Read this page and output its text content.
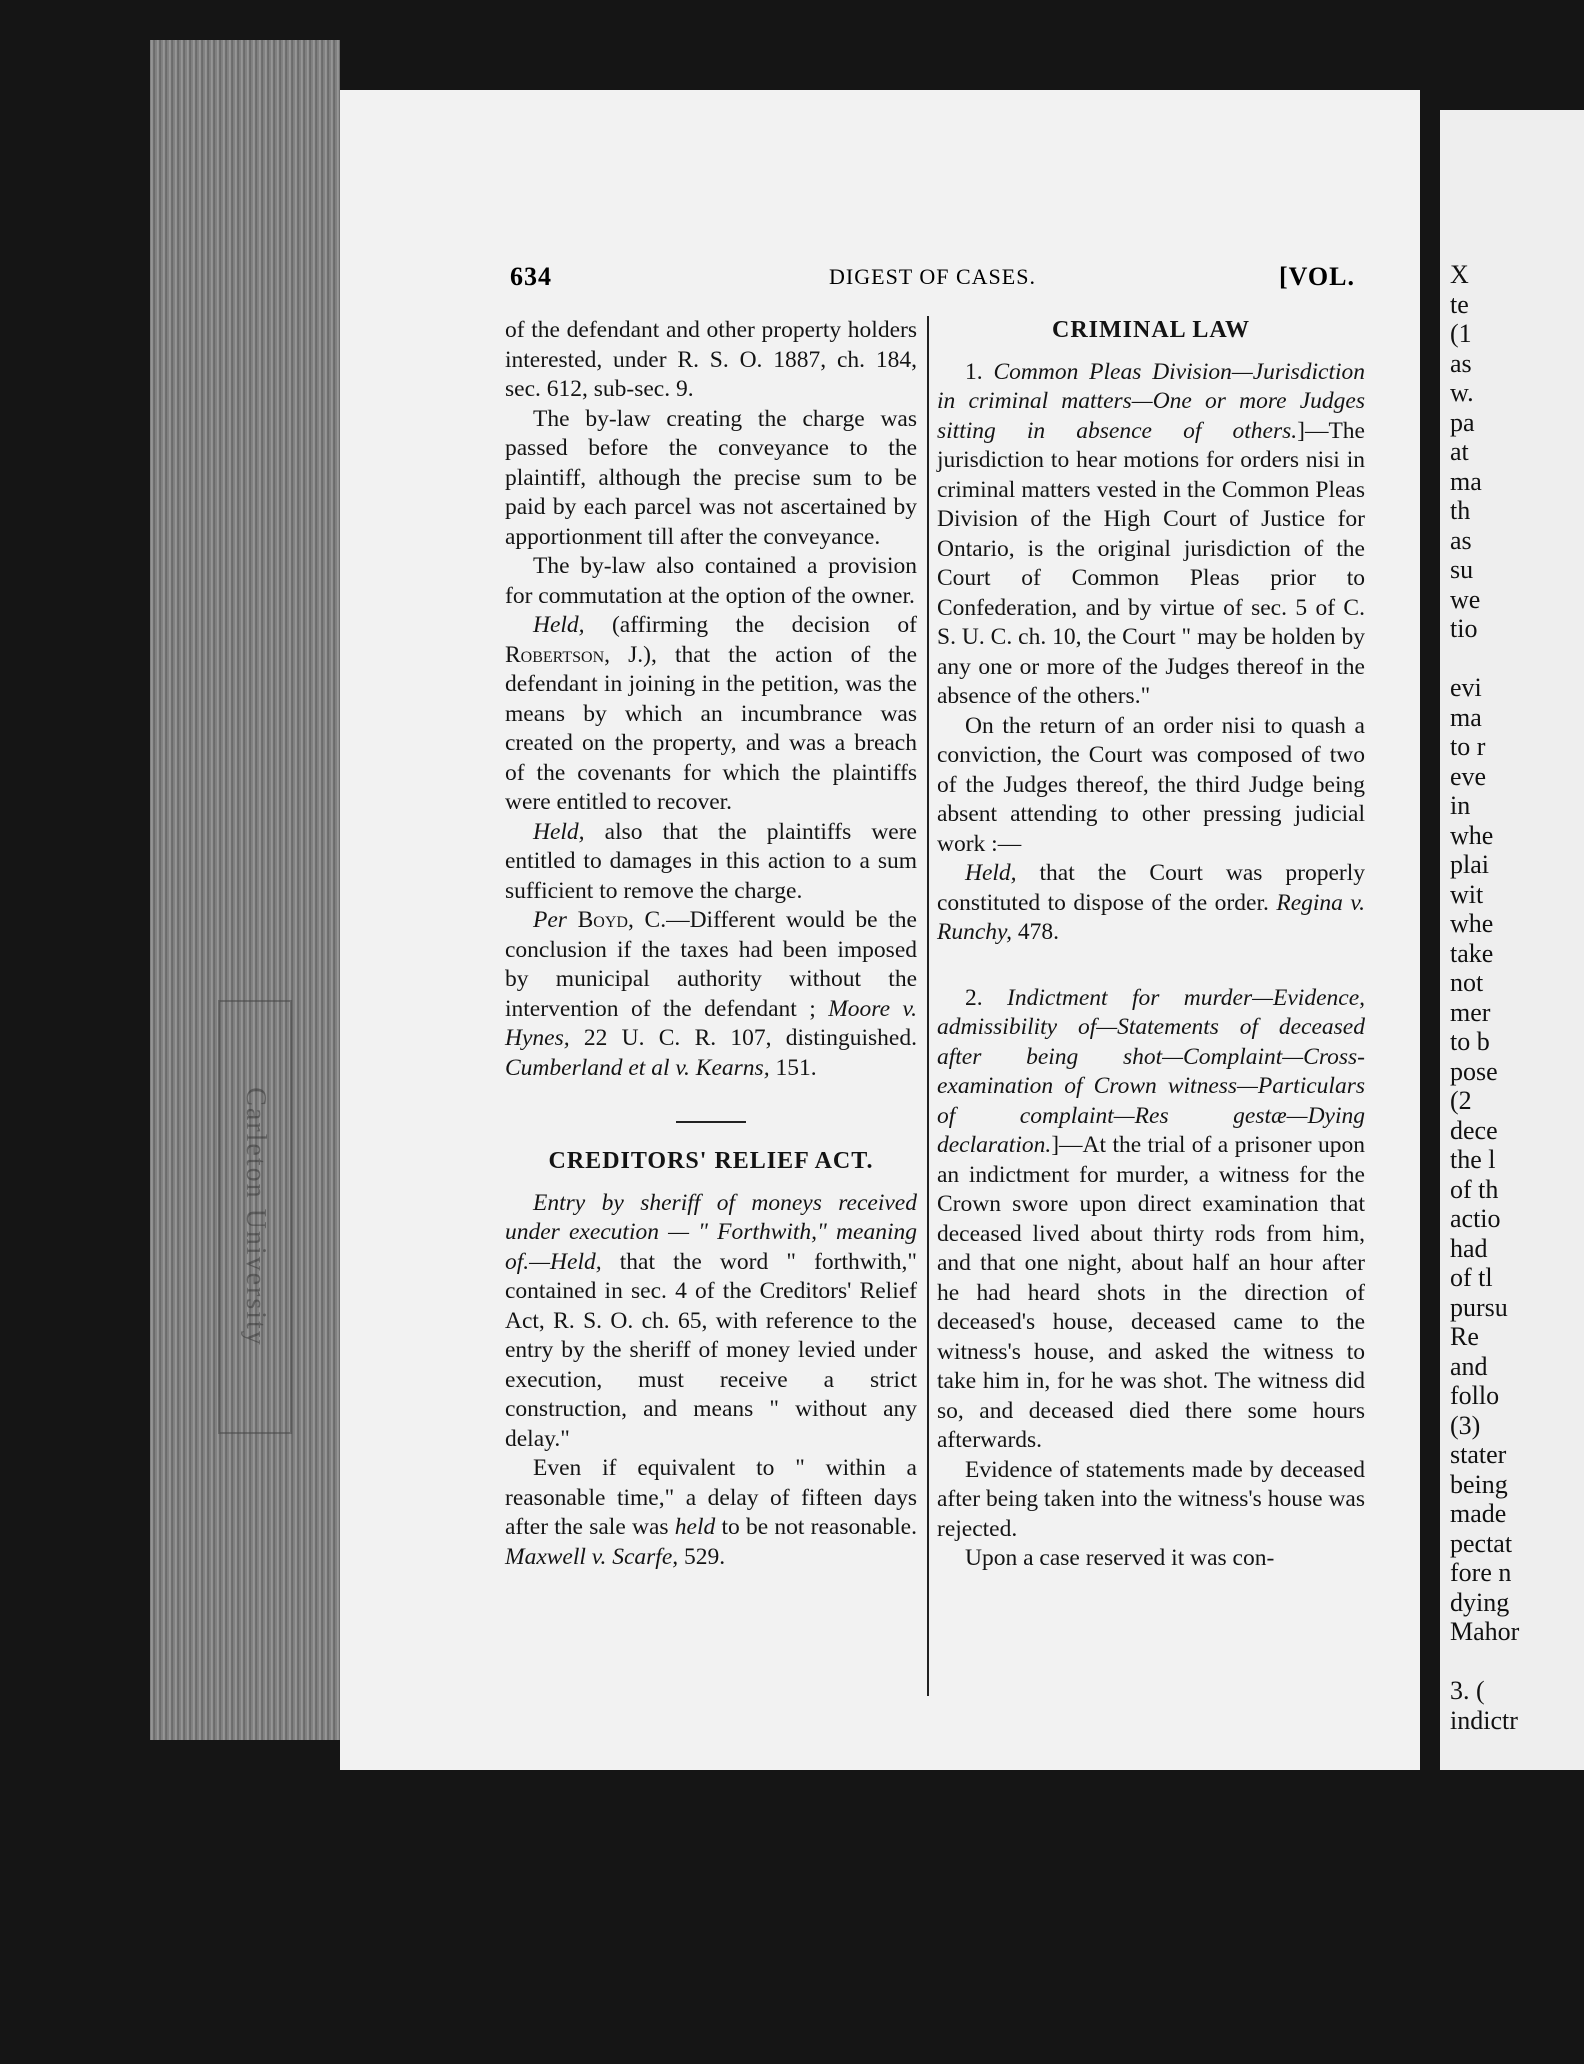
Carleton University
X
te
(1
as
w.
pa
at
ma
th
as
su
we
tio
evi
ma
to r
eve
in
whe
plai
wit
whe
take
not
mer
to b
pose
(2
dece
the l
of th
actio
had
of tl
pursu
Re
and
follo
(3)
stater
being
made
pectat
fore n
dying
Mahor
3. (
indictr
634	DIGEST OF CASES.	[VOL.

of the defendant and other property holders interested, under R. S. O. 1887, ch. 184, sec. 612, sub-sec. 9.

The by-law creating the charge was passed before the conveyance to the plaintiff, although the precise sum to be paid by each parcel was not ascertained by apportionment till after the conveyance.

The by-law also contained a provision for commutation at the option of the owner.

Held, (affirming the decision of Robertson, J.), that the action of the defendant in joining in the petition, was the means by which an incumbrance was created on the property, and was a breach of the covenants for which the plaintiffs were entitled to recover.

Held, also that the plaintiffs were entitled to damages in this action to a sum sufficient to remove the charge.

Per Boyd, C.—Different would be the conclusion if the taxes had been imposed by municipal authority without the intervention of the defendant ; Moore v. Hynes, 22 U. C. R. 107, distinguished. Cumberland et al v. Kearns, 151.

CREDITORS' RELIEF ACT.

Entry by sheriff of moneys received under execution — " Forthwith," meaning of.—Held, that the word " forthwith," contained in sec. 4 of the Creditors' Relief Act, R. S. O. ch. 65, with reference to the entry by the sheriff of money levied under execution, must receive a strict construction, and means " without any delay."

Even if equivalent to " within a reasonable time," a delay of fifteen days after the sale was held to be not reasonable. Maxwell v. Scarfe, 529.

CRIMINAL LAW

1. Common Pleas Division—Jurisdiction in criminal matters—One or more Judges sitting in absence of others.]—The jurisdiction to hear motions for orders nisi in criminal matters vested in the Common Pleas Division of the High Court of Justice for Ontario, is the original jurisdiction of the Court of Common Pleas prior to Confederation, and by virtue of sec. 5 of C. S. U. C. ch. 10, the Court " may be holden by any one or more of the Judges thereof in the absence of the others."

On the return of an order nisi to quash a conviction, the Court was composed of two of the Judges thereof, the third Judge being absent attending to other pressing judicial work :—

Held, that the Court was properly constituted to dispose of the order. Regina v. Runchy, 478.

2. Indictment for murder—Evidence, admissibility of—Statements of deceased after being shot—Complaint—Cross-examination of Crown witness—Particulars of complaint—Res gestæ—Dying declaration.]—At the trial of a prisoner upon an indictment for murder, a witness for the Crown swore upon direct examination that deceased lived about thirty rods from him, and that one night, about half an hour after he had heard shots in the direction of deceased's house, deceased came to the witness's house, and asked the witness to take him in, for he was shot. The witness did so, and deceased died there some hours afterwards.

Evidence of statements made by deceased after being taken into the witness's house was rejected.

Upon a case reserved it was con-
